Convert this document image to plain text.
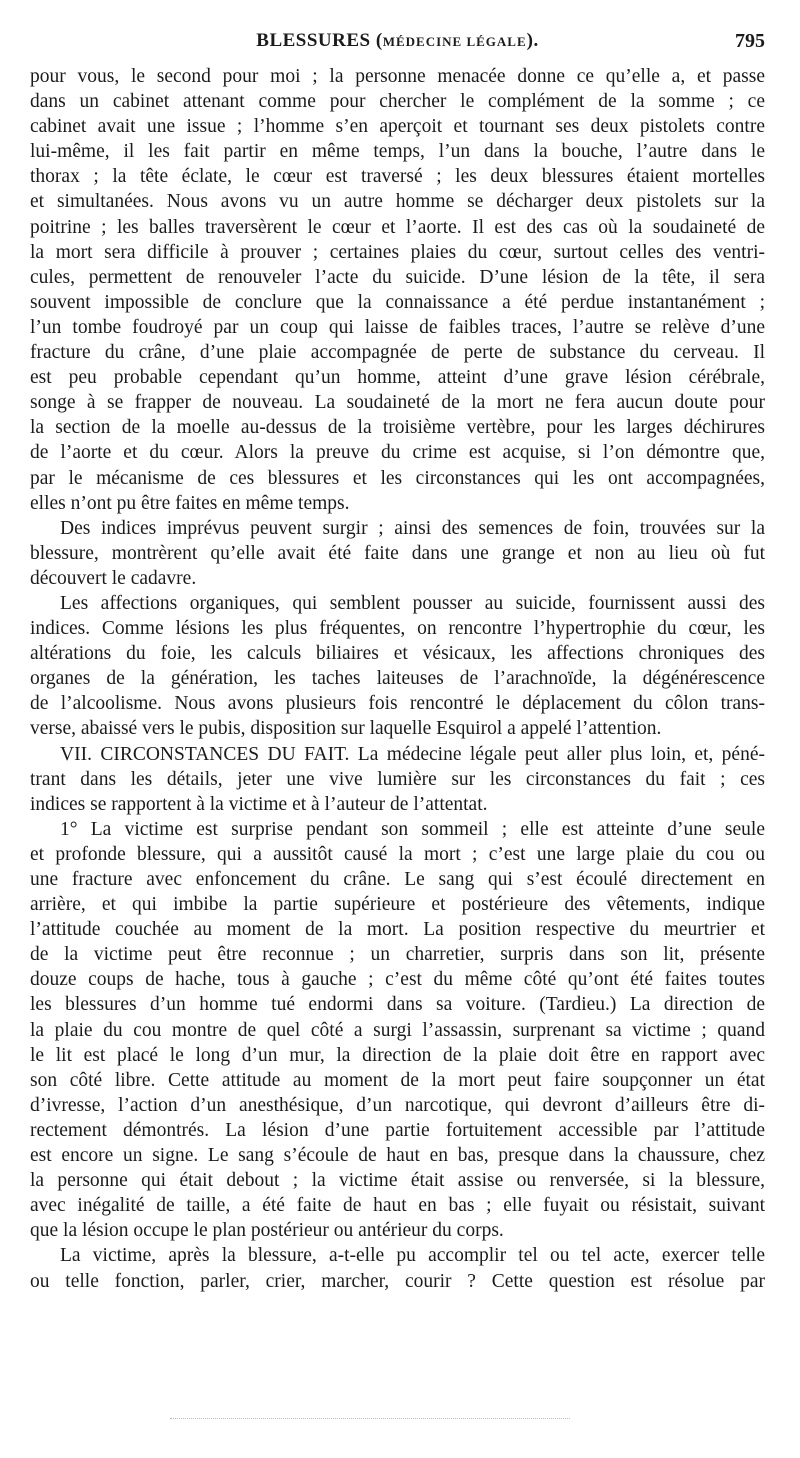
BLESSURES (MÉDECINE LÉGALE).	795
pour vous, le second pour moi ; la personne menacée donne ce qu’elle a, et passe
dans un cabinet attenant comme pour chercher le complément de la somme ; ce
cabinet avait une issue ; l’homme s’en aperçoit et tournant ses deux pistolets contre
lui-même, il les fait partir en même temps, l’un dans la bouche, l’autre dans le
thorax ; la tête éclate, le cœur est traversé ; les deux blessures étaient mortelles
et simultanées. Nous avons vu un autre homme se décharger deux pistolets sur la
poitrine ; les balles traversèrent le cœur et l’aorte. Il est des cas où la soudaineté de
la mort sera difficile à prouver ; certaines plaies du cœur, surtout celles des ventri-
cules, permettent de renouveler l’acte du suicide. D’une lésion de la tête, il sera
souvent impossible de conclure que la connaissance a été perdue instantanément ;
l’un tombe foudroyé par un coup qui laisse de faibles traces, l’autre se relève d’une
fracture du crâne, d’une plaie accompagnée de perte de substance du cerveau. Il
est peu probable cependant qu’un homme, atteint d’une grave lésion cérébrale,
songe à se frapper de nouveau. La soudaineté de la mort ne fera aucun doute pour
la section de la moelle au-dessus de la troisième vertèbre, pour les larges déchirures
de l’aorte et du cœur. Alors la preuve du crime est acquise, si l’on démontre que,
par le mécanisme de ces blessures et les circonstances qui les ont accompagnées,
elles n’ont pu être faites en même temps.
Des indices imprévus peuvent surgir ; ainsi des semences de foin, trouvées sur la
blessure, montrèrent qu’elle avait été faite dans une grange et non au lieu où fut
découvert le cadavre.
Les affections organiques, qui semblent pousser au suicide, fournissent aussi des
indices. Comme lésions les plus fréquentes, on rencontre l’hypertrophie du cœur, les
altérations du foie, les calculs biliaires et vésicaux, les affections chroniques des
organes de la génération, les taches laiteuses de l’arachnoïde, la dégénérescence
de l’alcoolisme. Nous avons plusieurs fois rencontré le déplacement du côlon trans-
verse, abaissé vers le pubis, disposition sur laquelle Esquirol a appelé l’attention.
VII. CIRCONSTANCES DU FAIT. La médecine légale peut aller plus loin, et, péné-
trant dans les détails, jeter une vive lumière sur les circonstances du fait ; ces
indices se rapportent à la victime et à l’auteur de l’attentat.
1° La victime est surprise pendant son sommeil ; elle est atteinte d’une seule
et profonde blessure, qui a aussitôt causé la mort ; c’est une large plaie du cou ou
une fracture avec enfoncement du crâne. Le sang qui s’est écoulé directement en
arrière, et qui imbibe la partie supérieure et postérieure des vêtements, indique
l’attitude couchée au moment de la mort. La position respective du meurtrier et
de la victime peut être reconnue ; un charretier, surpris dans son lit, présente
douze coups de hache, tous à gauche ; c’est du même côté qu’ont été faites toutes
les blessures d’un homme tué endormi dans sa voiture. (Tardieu.) La direction de
la plaie du cou montre de quel côté a surgi l’assassin, surprenant sa victime ; quand
le lit est placé le long d’un mur, la direction de la plaie doit être en rapport avec
son côté libre. Cette attitude au moment de la mort peut faire soupçonner un état
d’ivresse, l’action d’un anesthésique, d’un narcotique, qui devront d’ailleurs être di-
rectement démontrés. La lésion d’une partie fortuitement accessible par l’attitude
est encore un signe. Le sang s’écoule de haut en bas, presque dans la chaussure, chez
la personne qui était debout ; la victime était assise ou renversée, si la blessure,
avec inégalité de taille, a été faite de haut en bas ; elle fuyait ou résistait, suivant
que la lésion occupe le plan postérieur ou antérieur du corps.
La victime, après la blessure, a-t-elle pu accomplir tel ou tel acte, exercer telle
ou telle fonction, parler, crier, marcher, courir ? Cette question est résolue par
